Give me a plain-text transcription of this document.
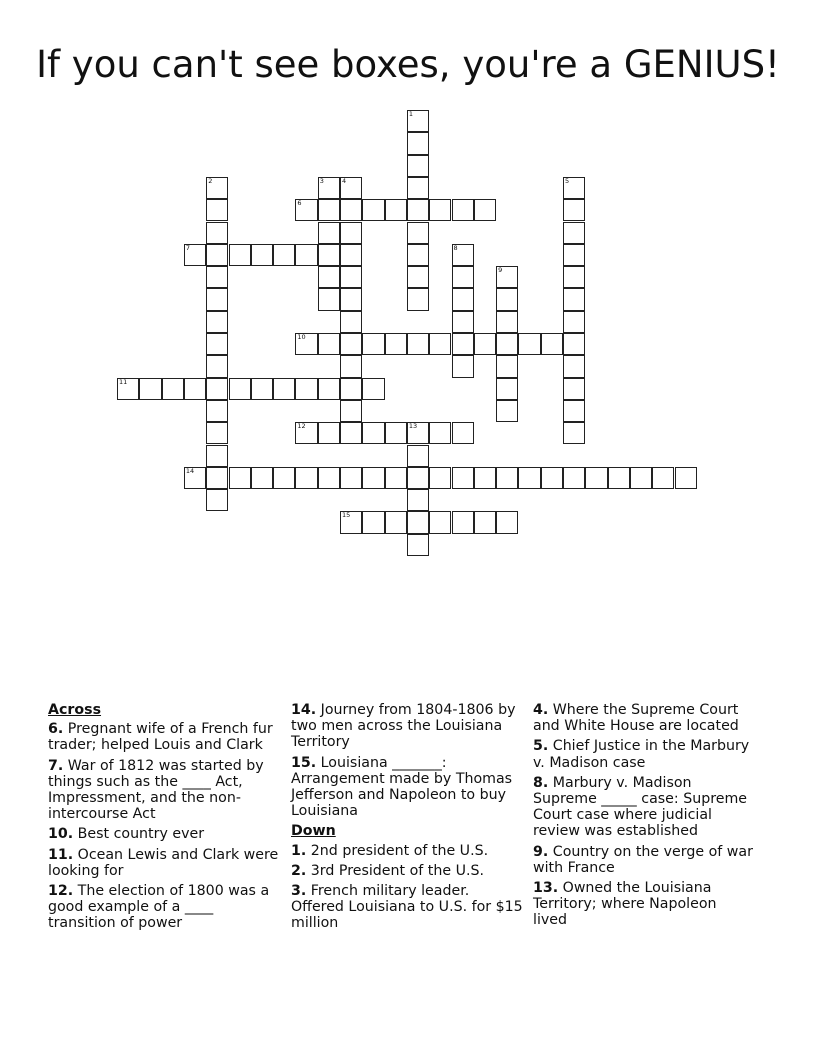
If you can't see boxes, you're a GENIUS!
1
2	3	4	5
6
7	8
9
10
11
12	13
14
15
Across
6. Pregnant wife of a French fur trader; helped Louis and Clark
7. War of 1812 was started by things such as the ____ Act, Impressment, and the non-intercourse Act
10. Best country ever
11. Ocean Lewis and Clark were looking for
12. The election of 1800 was a good example of a ____ transition of power
14. Journey from 1804-1806 by two men across the Louisiana Territory
15. Louisiana _______: Arrangement made by Thomas Jefferson and Napoleon to buy Louisiana
Down
1. 2nd president of the U.S.
2. 3rd President of the U.S.
3. French military leader. Offered Louisiana to U.S. for $15 million
4. Where the Supreme Court and White House are located
5. Chief Justice in the Marbury v. Madison case
8. Marbury v. Madison Supreme _____ case: Supreme Court case where judicial review was established
9. Country on the verge of war with France
13. Owned the Louisiana Territory; where Napoleon lived
